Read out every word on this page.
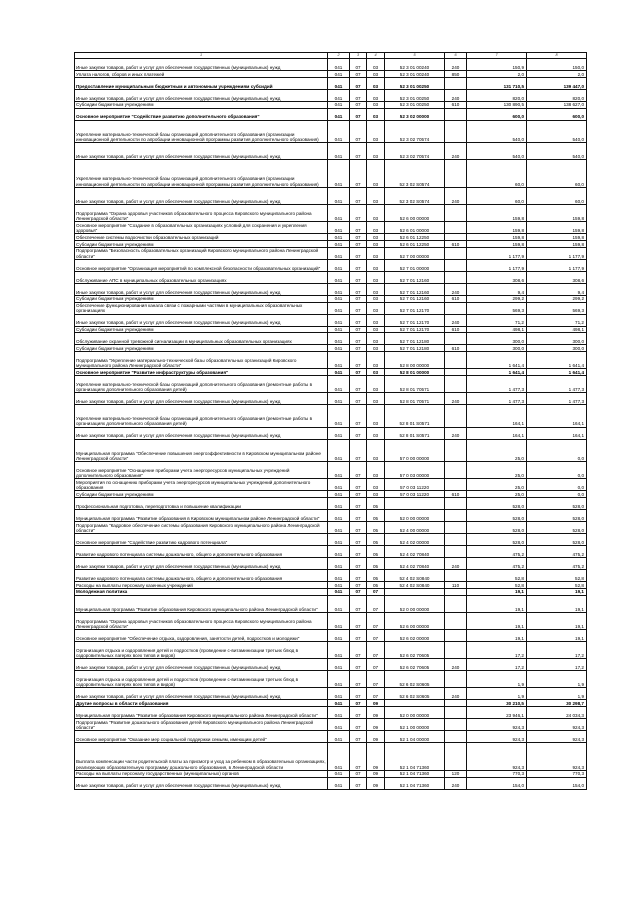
1	2	3	4	5	6	7	8
Иные закупки товаров, работ и услуг для обеспечения государственных (муниципальных) нужд	041	07	03	52 3 01 00240	240	150,9	150,0
Уплата налогов, сборов и иных платежей	041	07	03	52 3 01 00240	850	2,0	2,0
Предоставление муниципальным бюджетным и автономным учреждениям субсидий	041	07	03	52 3 01 00250		131 710,5	139 447,0
Иные закупки товаров, работ и услуг для обеспечения государственных (муниципальных) нужд	041	07	03	52 3 01 00250	240	820,0	820,0
Субсидии бюджетным учреждениям	041	07	03	52 3 01 00250	610	130 890,5	138 627,0
Основное мероприятие "Содействие развитию дополнительного образования"	041	07	03	52 3 02 00000		600,0	600,0
Укрепление материально-технической базы организаций дополнительного образования (организации инновационной деятельности по апробации инновационной программы развития дополнительного образования)	041	07	03	52 3 02 70574		540,0	540,0
Иные закупки товаров, работ и услуг для обеспечения государственных (муниципальных) нужд	041	07	03	52 3 02 70574	240	540,0	540,0
Укрепление материально-технической базы организаций дополнительного образования (организации инновационной деятельности по апробации инновационной программы развития дополнительного образования)	041	07	03	52 3 02 S0574		60,0	60,0
Иные закупки товаров, работ и услуг для обеспечения государственных (муниципальных) нужд	041	07	03	52 3 02 S0574	240	60,0	60,0
Подпрограмма "Охрана здоровья участников образовательного процесса Кировского муниципального района Ленинградской области"	041	07	03	52 6 00 00000		159,8	159,8
Основное мероприятие "Создание в образовательных организациях условий для сохранения и укрепления здоровья"	041	07	03	52 6 01 00000		159,8	159,8
Обеспечение системы водоочистки образовательных организаций	041	07	03	52 6 01 12250		159,8	159,8
Субсидии бюджетным учреждениям	041	07	03	52 6 01 12250	610	159,8	159,8
Подпрограмма "Безопасность образовательных организаций Кировского муниципального района Ленинградской области"	041	07	03	52 7 00 00000		1 177,9	1 177,9
Основное мероприятие "Организация мероприятий по комплексной безопасности образовательных организаций"	041	07	03	52 7 01 00000		1 177,9	1 177,9
Обслуживание АПС в муниципальных образовательных организациях	041	07	03	52 7 01 12160		308,6	308,6
Иные закупки товаров, работ и услуг для обеспечения государственных (муниципальных) нужд	041	07	03	52 7 01 12160	240	9,4	9,4
Субсидии бюджетным учреждениям	041	07	03	52 7 01 12160	610	299,2	299,2
Обеспечение функционирования канала связи с пожарными частями в муниципальных образовательных организациях	041	07	03	52 7 01 12170		569,3	569,3
Иные закупки товаров, работ и услуг для обеспечения государственных (муниципальных) нужд	041	07	03	52 7 01 12170	240	71,2	71,2
Субсидии бюджетным учреждениям	041	07	03	52 7 01 12170	610	498,1	498,1
Обслуживание охранной тревожной сигнализации в муниципальных образовательных организациях	041	07	03	52 7 01 12180		300,0	300,0
Субсидии бюджетным учреждениям	041	07	03	52 7 01 12180	610	300,0	300,0
Подпрограмма "Укрепление материально-технической базы образовательных организаций Кировского муниципального района Ленинградской области"	041	07	03	52 8 00 00000		1 641,4	1 641,4
Основное мероприятие "Развитие инфраструктуры образования"	041	07	03	52 8 01 00000		1 641,4	1 641,4
Укрепление материально-технической базы организаций дополнительного образования (ремонтные работы в организациях дополнительного образования детей)	041	07	03	52 8 01 70571		1 477,3	1 477,3
Иные закупки товаров, работ и услуг для обеспечения государственных (муниципальных) нужд	041	07	03	52 8 01 70571	240	1 477,3	1 477,3
Укрепление материально-технической базы организаций дополнительного образования (ремонтные работы в организациях дополнительного образования детей)	041	07	03	52 8 01 S0571		164,1	164,1
Иные закупки товаров, работ и услуг для обеспечения государственных (муниципальных) нужд	041	07	03	52 8 01 S0571	240	164,1	164,1
Муниципальная программа "Обеспечение повышения энергоэффективности в Кировском муниципальном районе Ленинградской области"	041	07	03	57 0 00 00000		25,0	0,0
Основное мероприятие "Оснащение приборами учета энергоресурсов муниципальных учреждений дополнительного образования"	041	07	03	57 0 03 00000		25,0	0,0
Мероприятия по оснащению приборами учета энергоресурсов муниципальных учреждений дополнительного образования	041	07	03	57 0 03 11220		25,0	0,0
Субсидии бюджетным учреждениям	041	07	03	57 0 03 11220	610	25,0	0,0
Профессиональная подготовка, переподготовка и повышение квалификации	041	07	05			528,0	528,0
Муниципальная программа "Развитие образования в Кировском муниципальном районе Ленинградской области"	041	07	05	52 0 00 00000		528,0	528,0
Подпрограмма "Кадровое обеспечение системы образования Кировского муниципального района Ленинградской области"	041	07	05	52 4 00 00000		528,0	528,0
Основное мероприятие "Содействие развитию кадрового потенциала"	041	07	05	52 4 02 00000		528,0	528,0
Развитие кадрового потенциала системы дошкольного, общего и дополнительного образования	041	07	05	52 4 02 70840		475,2	475,2
Иные закупки товаров, работ и услуг для обеспечения государственных (муниципальных) нужд	041	07	05	52 4 02 70840	240	475,2	475,2
Развитие кадрового потенциала системы дошкольного, общего и дополнительного образования	041	07	05	52 4 02 S0840		52,8	52,8
Расходы на выплаты персоналу казенных учреждений	041	07	05	52 4 02 S0840	110	52,8	52,8
Молодежная политика	041	07	07			19,1	19,1
Муниципальная программа "Развитие образования Кировского муниципального района Ленинградской области"	041	07	07	52 0 00 00000		19,1	19,1
Подпрограмма "Охрана здоровья участников образовательного процесса Кировского муниципального района Ленинградской области"	041	07	07	52 6 00 00000		19,1	19,1
Основное мероприятие "Обеспечение отдыха, оздоровления, занятости детей, подростков и молодежи"	041	07	07	52 6 02 00000		19,1	19,1
Организация отдыха и оздоровления детей и подростков (проведение с-витаминизации третьих блюд в оздоровительных лагерях всех типов и видов)	041	07	07	52 6 02 70605		17,2	17,2
Иные закупки товаров, работ и услуг для обеспечения государственных (муниципальных) нужд	041	07	07	52 6 02 70605	240	17,2	17,2
Организация отдыха и оздоровления детей и подростков (проведение с-витаминизации третьих блюд в оздоровительных лагерях всех типов и видов)	041	07	07	52 6 02 S0605		1,9	1,9
Иные закупки товаров, работ и услуг для обеспечения государственных (муниципальных) нужд	041	07	07	52 6 02 S0605	240	1,9	1,9
Другие вопросы в области образования	041	07	09			30 210,5	30 298,7
Муниципальная программа "Развитие образования Кировского муниципального района Ленинградской области"	041	07	09	52 0 00 00000		23 946,1	24 034,3
Подпрограмма "Развитие дошкольного образования детей Кировского муниципального района Ленинградской области"	041	07	09	52 1 00 00000		924,3	924,3
Основное мероприятие "Оказание мер социальной поддержки семьям, имеющим детей"	041	07	09	52 1 04 00000		924,3	924,3
Выплата компенсации части родительской платы за присмотр и уход за ребенком в образовательных организациях, реализующих образовательную программу дошкольного образования, в Ленинградской области	041	07	09	52 1 04 71360		924,3	924,3
Расходы на выплаты персоналу государственных (муниципальных) органов	041	07	09	52 1 04 71360	120	770,3	770,3
Иные закупки товаров, работ и услуг для обеспечения государственных (муниципальных) нужд	041	07	09	52 1 04 71360	240	154,0	154,0
